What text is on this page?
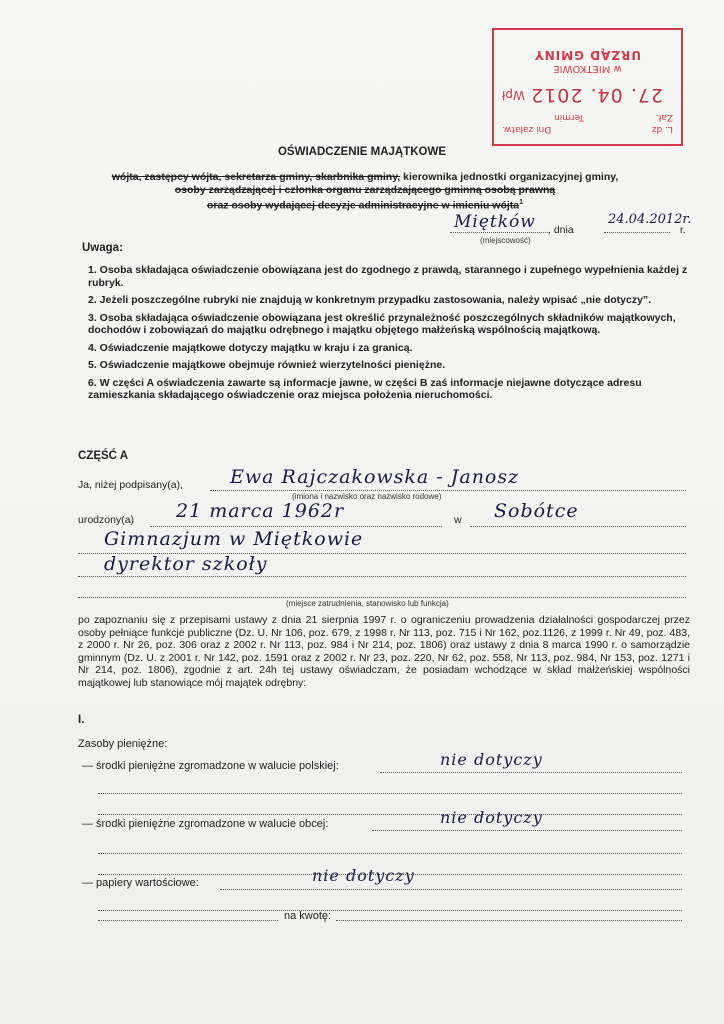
L. dz
Dni załatw.
Zał.
Termin
27. 04. 2012
Wpł
w MIETKOWIE
URZĄD GMINY
OŚWIADCZENIE MAJĄTKOWE
wójta, zastępcy wójta, sekretarza gminy, skarbnika gminy, kierownika jednostki organizacyjnej gminy,
osoby zarządzającej i członka organu zarządzającego gminną osobą prawną
oraz osoby wydającej decyzje administracyjne w imieniu wójta$^1$
Miętków , dnia
24.04.2012r.
r.
(miejscowość)
Uwaga:
1. Osoba składająca oświadczenie obowiązana jest do zgodnego z prawdą, starannego i zupełnego wypełnienia każdej z rubryk.
2. Jeżeli poszczególne rubryki nie znajdują w konkretnym przypadku zastosowania, należy wpisać „nie dotyczy”.
3. Osoba składająca oświadczenie obowiązana jest określić przynależność poszczególnych składników majątkowych, dochodów i zobowiązań do majątku odrębnego i majątku objętego małżeńską wspólnością majątkową.
4. Oświadczenie majątkowe dotyczy majątku w kraju i za granicą.
5. Oświadczenie majątkowe obejmuje również wierzytelności pieniężne.
6. W części A oświadczenia zawarte są informacje jawne, w części B zaś informacje niejawne dotyczące adresu zamieszkania składającego oświadczenie oraz miejsca położenia nieruchomości.
CZĘŚĆ A
Ja, niżej podpisany(a), Ewa Rajczakowska - Janosz
(imiona i nazwisko oraz nazwisko rodowe)
urodzony(a) 21 marca 1962r	w Sobótce
Gimnazjum w Miętkowie
dyrektor szkoły
(miejsce zatrudnienia, stanowisko lub funkcja)
po zapoznaniu się z przepisami ustawy z dnia 21 sierpnia 1997 r. o ograniczeniu prowadzenia działalności gospodarczej przez osoby pełniące funkcje publiczne (Dz. U. Nr 106, poz. 679, z 1998 r. Nr 113, poz. 715 i Nr 162, poz.1126, z 1999 r. Nr 49, poz. 483, z 2000 r. Nr 26, poz. 306 oraz z 2002 r. Nr 113, poz. 984 i Nr 214, poz. 1806) oraz ustawy z dnia 8 marca 1990 r. o samorządzie gminnym (Dz. U. z 2001 r. Nr 142, poz. 1591 oraz z 2002 r. Nr 23, poz. 220, Nr 62, poz. 558, Nr 113, poz. 984, Nr 153, poz. 1271 i Nr 214, poz. 1806), zgodnie z art. 24h tej ustawy oświadczam, że posiadam wchodzące w skład małżeńskiej wspólności majątkowej lub stanowiące mój majątek odrębny:
I.
Zasoby pieniężne:
— środki pieniężne zgromadzone w walucie polskiej:	nie dotyczy
— środki pieniężne zgromadzone w walucie obcej:	nie dotyczy
— papiery wartościowe:	nie dotyczy
na kwotę:
